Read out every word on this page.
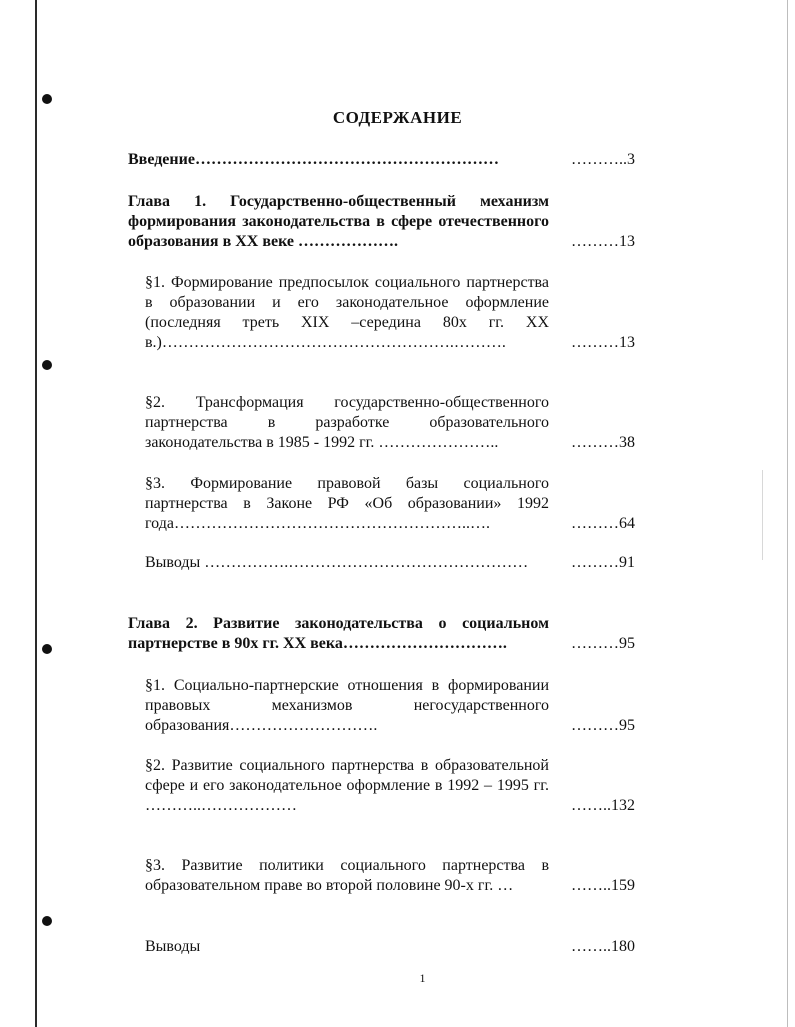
СОДЕРЖАНИЕ
Введение…………………………………………………	………..3
Глава 1. Государственно-общественный механизм формирования законодательства в сфере отечественного образования в XX веке ……………….	………13
§1. Формирование предпосылок социального партнерства в образовании и его законодательное оформление (последняя треть XIX –середина 80х гг. XX в.)……………………………………………….……….	………13
§2. Трансформация государственно-общественного партнерства в разработке образовательного законодательства в 1985 - 1992 гг. …………………..	………38
§3. Формирование правовой базы социального партнерства в Законе РФ «Об образовании» 1992 года………………………………………………..….	………64
Выводы …………….………………………………………	………91
Глава 2. Развитие законодательства о социальном партнерстве в 90х гг. XX века………………………….	………95
§1. Социально-партнерские отношения в формировании правовых механизмов негосударственного образования……………………….	………95
§2. Развитие социального партнерства в образовательной сфере и его законодательное оформление в 1992 – 1995 гг. ………..………………	……..132
§3. Развитие политики социального партнерства в образовательном праве во второй половине 90-х гг. …	……..159
Выводы	……..180
1
